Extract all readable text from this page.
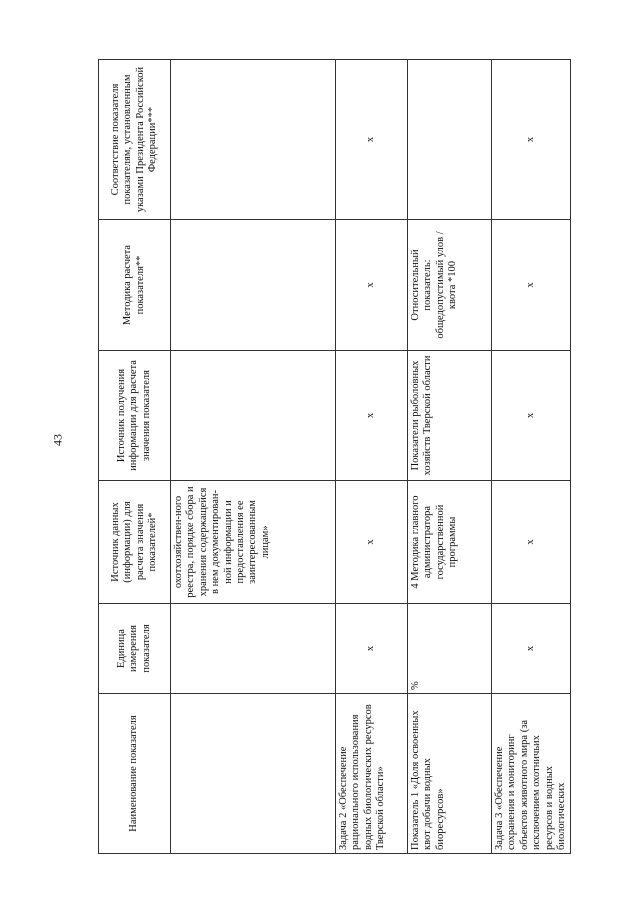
43
Наименование показателя	Единица измерения показателя	Источник данных (информации) для расчета значения показателей*	Источник получения информации для расчета значения показателя	Методика расчета показателя**	Соответствие показателя показателям, установленным указами Президента Российской Федерации***
		охотхозяйствен-ного реестра, порядке сбора и хранения содержащейся в нем документирован-ной информации и предоставления ее заинтересованным лицам»			
Задача 2 «Обеспечение рационального использования водных биологических ресурсов Тверской области»	х	х	х	х	х
Показатель 1 «Доля освоенных квот добычи водных биоресурсов»	%	4 Методика главного администратора государственной программы	Показатели рыболовных хозяйств Тверской области	Относительный показатель: общедопустимый улов / квота *100	
Задача 3 «Обеспечение сохранения и мониторинг объектов животного мира (за исключением охотничьих ресурсов и водных биологических	х	х	х	х	х
